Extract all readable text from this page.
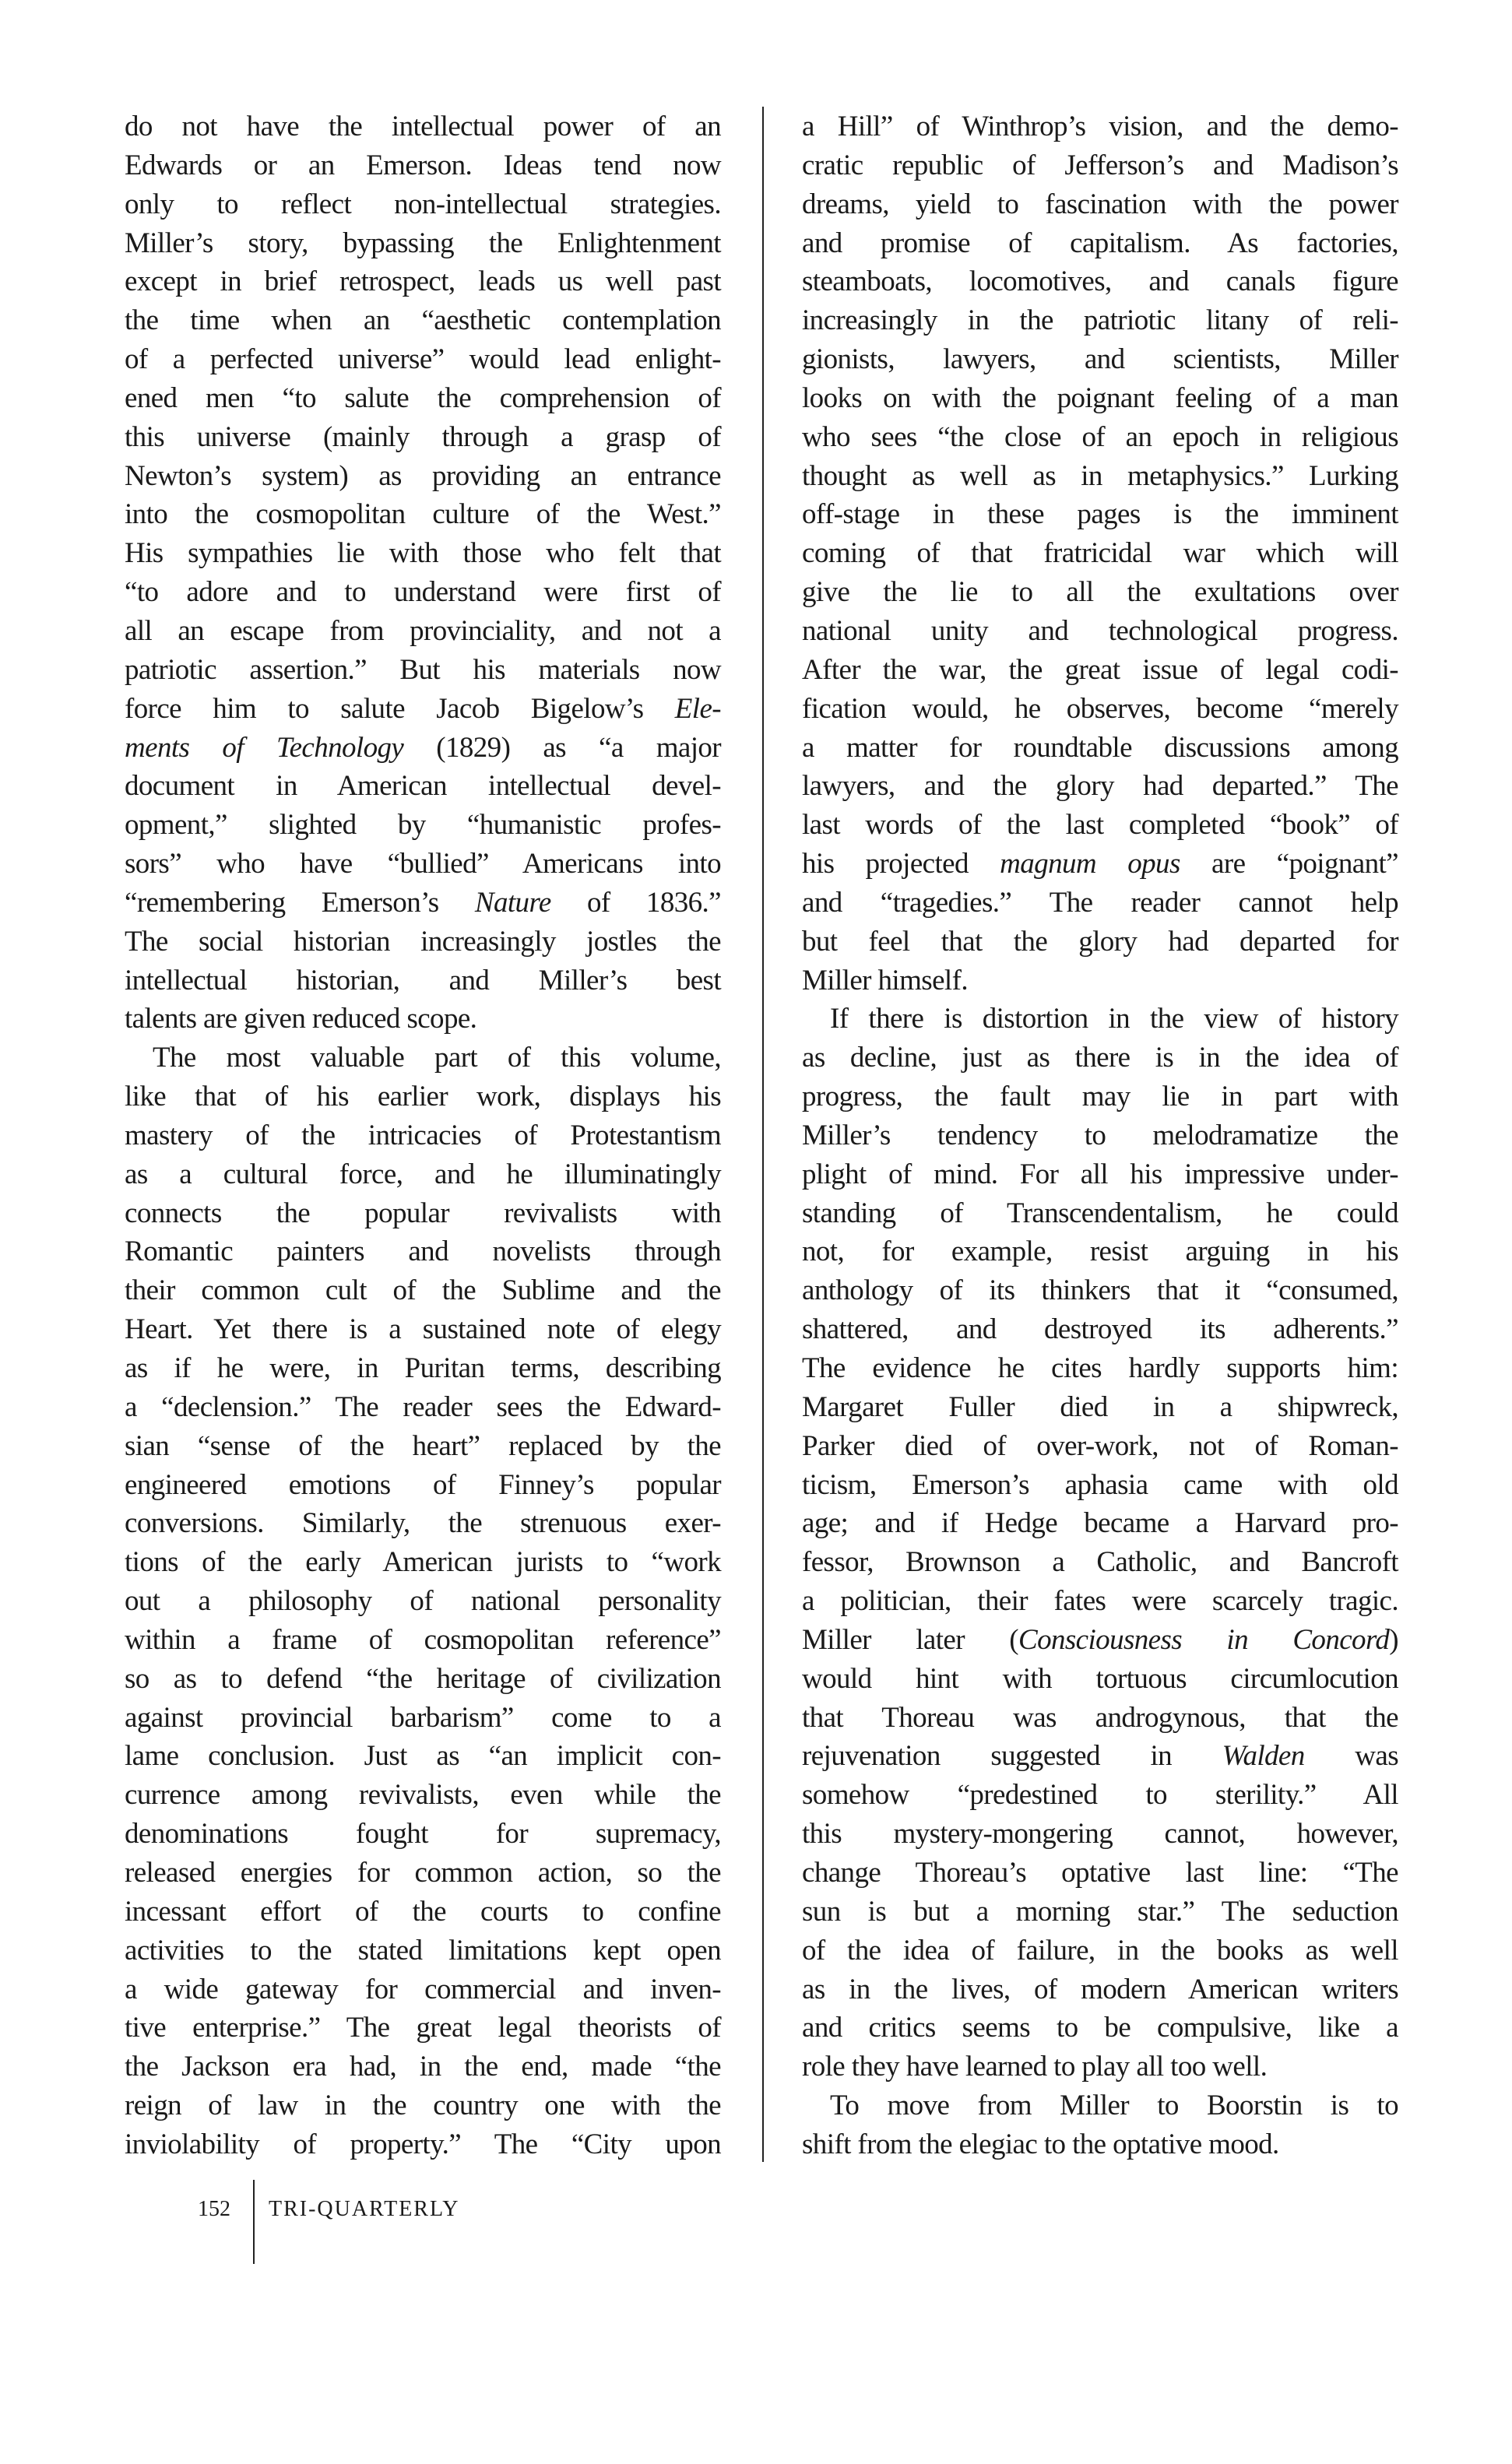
do not have the intellectual power of an
Edwards or an Emerson. Ideas tend now
only to reflect non-intellectual strategies.
Miller’s story, bypassing the Enlightenment
except in brief retrospect, leads us well past
the time when an “aesthetic contemplation
of a perfected universe” would lead enlight-
ened men “to salute the comprehension of
this universe (mainly through a grasp of
Newton’s system) as providing an entrance
into the cosmopolitan culture of the West.”
His sympathies lie with those who felt that
“to adore and to understand were first of
all an escape from provinciality, and not a
patriotic assertion.” But his materials now
force him to salute Jacob Bigelow’s Ele-
ments of Technology (1829) as “a major
document in American intellectual devel-
opment,” slighted by “humanistic profes-
sors” who have “bullied” Americans into
“remembering Emerson’s Nature of 1836.”
The social historian increasingly jostles the
intellectual historian, and Miller’s best
talents are given reduced scope.
The most valuable part of this volume,
like that of his earlier work, displays his
mastery of the intricacies of Protestantism
as a cultural force, and he illuminatingly
connects the popular revivalists with
Romantic painters and novelists through
their common cult of the Sublime and the
Heart. Yet there is a sustained note of elegy
as if he were, in Puritan terms, describing
a “declension.” The reader sees the Edward-
sian “sense of the heart” replaced by the
engineered emotions of Finney’s popular
conversions. Similarly, the strenuous exer-
tions of the early American jurists to “work
out a philosophy of national personality
within a frame of cosmopolitan reference”
so as to defend “the heritage of civilization
against provincial barbarism” come to a
lame conclusion. Just as “an implicit con-
currence among revivalists, even while the
denominations fought for supremacy,
released energies for common action, so the
incessant effort of the courts to confine
activities to the stated limitations kept open
a wide gateway for commercial and inven-
tive enterprise.” The great legal theorists of
the Jackson era had, in the end, made “the
reign of law in the country one with the
inviolability of property.” The “City upon
a Hill” of Winthrop’s vision, and the demo-
cratic republic of Jefferson’s and Madison’s
dreams, yield to fascination with the power
and promise of capitalism. As factories,
steamboats, locomotives, and canals figure
increasingly in the patriotic litany of reli-
gionists, lawyers, and scientists, Miller
looks on with the poignant feeling of a man
who sees “the close of an epoch in religious
thought as well as in metaphysics.” Lurking
off-stage in these pages is the imminent
coming of that fratricidal war which will
give the lie to all the exultations over
national unity and technological progress.
After the war, the great issue of legal codi-
fication would, he observes, become “merely
a matter for roundtable discussions among
lawyers, and the glory had departed.” The
last words of the last completed “book” of
his projected magnum opus are “poignant”
and “tragedies.” The reader cannot help
but feel that the glory had departed for
Miller himself.
If there is distortion in the view of history
as decline, just as there is in the idea of
progress, the fault may lie in part with
Miller’s tendency to melodramatize the
plight of mind. For all his impressive under-
standing of Transcendentalism, he could
not, for example, resist arguing in his
anthology of its thinkers that it “consumed,
shattered, and destroyed its adherents.”
The evidence he cites hardly supports him:
Margaret Fuller died in a shipwreck,
Parker died of over-work, not of Roman-
ticism, Emerson’s aphasia came with old
age; and if Hedge became a Harvard pro-
fessor, Brownson a Catholic, and Bancroft
a politician, their fates were scarcely tragic.
Miller later (Consciousness in Concord)
would hint with tortuous circumlocution
that Thoreau was androgynous, that the
rejuvenation suggested in Walden was
somehow “predestined to sterility.” All
this mystery-mongering cannot, however,
change Thoreau’s optative last line: “The
sun is but a morning star.” The seduction
of the idea of failure, in the books as well
as in the lives, of modern American writers
and critics seems to be compulsive, like a
role they have learned to play all too well.
To move from Miller to Boorstin is to
shift from the elegiac to the optative mood.
152 TRI-QUARTERLY
